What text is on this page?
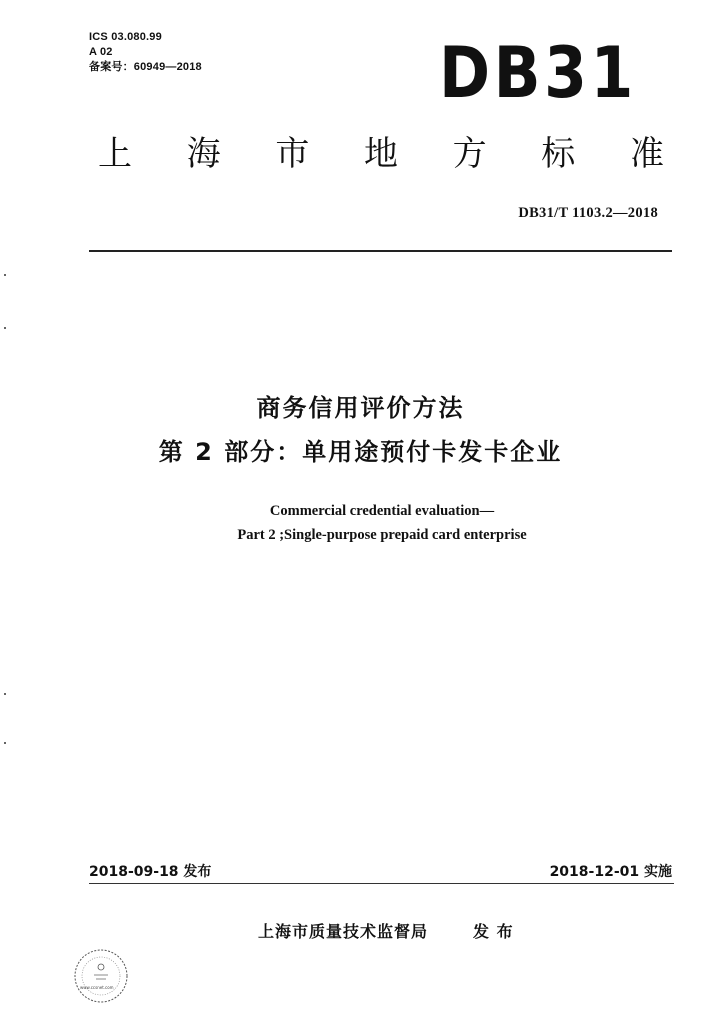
ICS 03.080.99
A 02
备案号：60949—2018	DB31
上 海 市 地 方 标 准
DB31/T 1103.2—2018
商务信用评价方法
第 2 部分：单用途预付卡发卡企业
Commercial credential evaluation—
Part 2 ;Single-purpose prepaid card enterprise
2018-09-18 发布	2018-12-01 实施
上海市质量技术监督局	发 布
www.ccsnet.com
